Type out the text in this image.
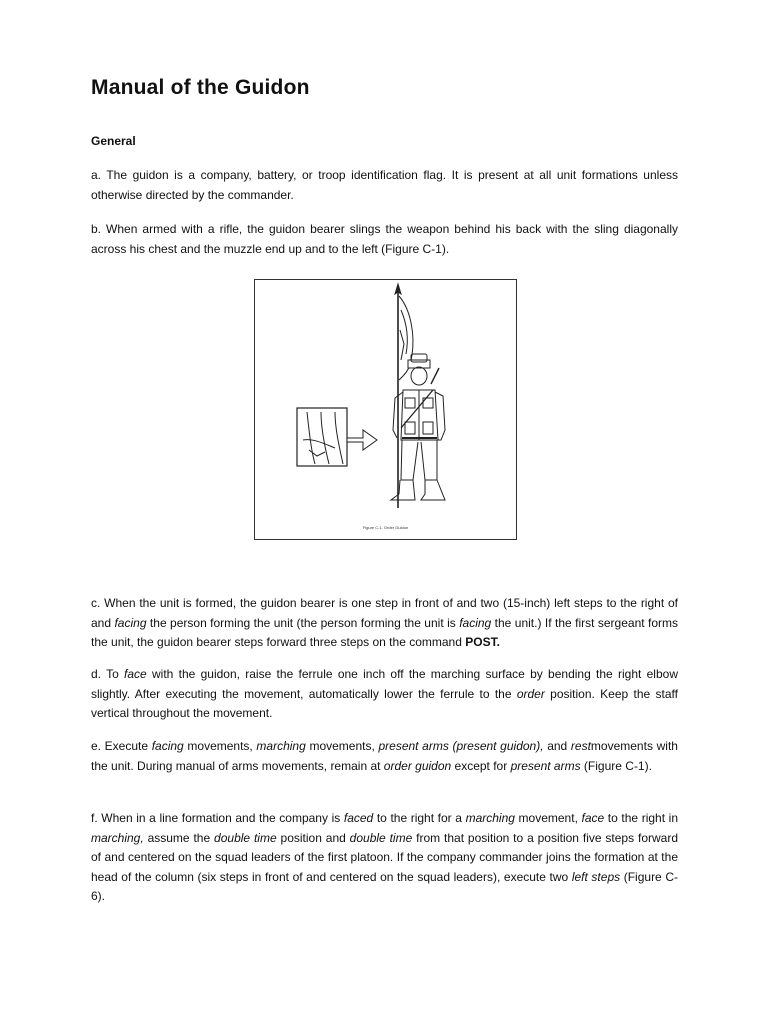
Manual of the Guidon
General

a. The guidon is a company, battery, or troop identification flag. It is present at all unit formations unless otherwise directed by the commander.

b. When armed with a rifle, the guidon bearer slings the weapon behind his back with the sling diagonally across his chest and the muzzle end up and to the left (Figure C-1).

Figure C-1. Order Guidon

c. When the unit is formed, the guidon bearer is one step in front of and two (15-inch) left steps to the right of and facing the person forming the unit (the person forming the unit is facing the unit.) If the first sergeant forms the unit, the guidon bearer steps forward three steps on the command POST.

d. To face with the guidon, raise the ferrule one inch off the marching surface by bending the right elbow slightly. After executing the movement, automatically lower the ferrule to the order position. Keep the staff vertical throughout the movement.

e. Execute facing movements, marching movements, present arms (present guidon), and restmovements with the unit. During manual of arms movements, remain at order guidon except for present arms (Figure C-1).

f. When in a line formation and the company is faced to the right for a marching movement, face to the right in marching, assume the double time position and double time from that position to a position five steps forward of and centered on the squad leaders of the first platoon. If the company commander joins the formation at the head of the column (six steps in front of and centered on the squad leaders), execute two left steps (Figure C-6).
